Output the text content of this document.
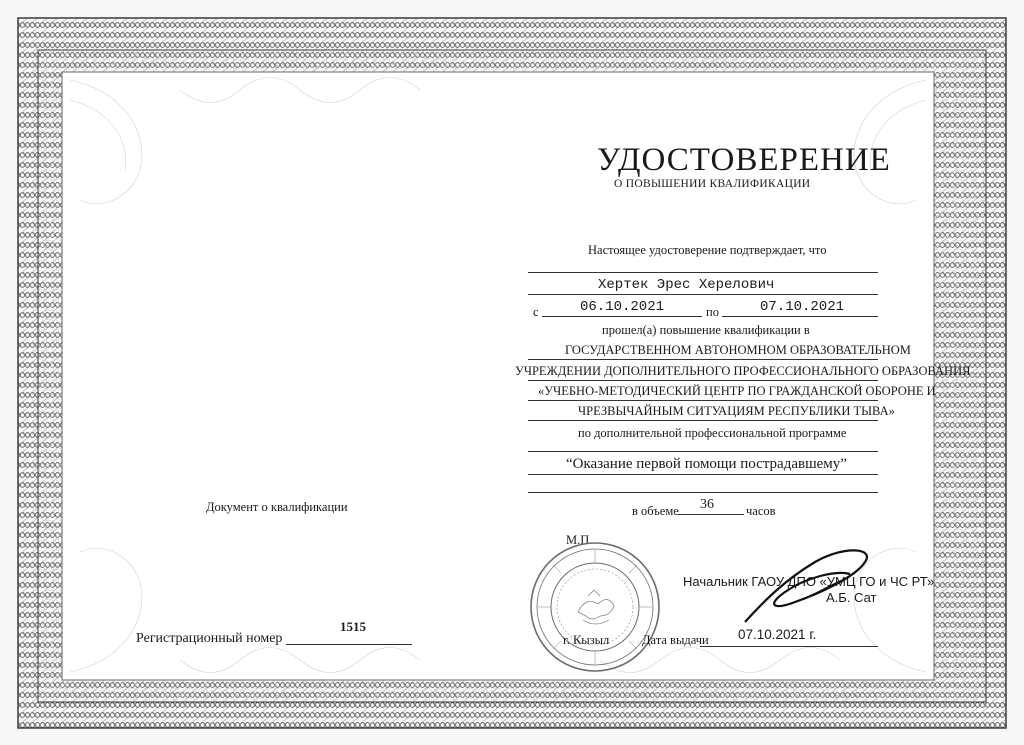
УДОСТОВЕРЕНИЕ
О ПОВЫШЕНИИ КВАЛИФИКАЦИИ
Настоящее удостоверение подтверждает, что
Хертек Эрес Херелович
с	06.10.2021	по	07.10.2021
прошел(а) повышение квалификации в
ГОСУДАРСТВЕННОМ АВТОНОМНОМ ОБРАЗОВАТЕЛЬНОМ
УЧРЕЖДЕНИИ ДОПОЛНИТЕЛЬНОГО ПРОФЕССИОНАЛЬНОГО ОБРАЗОВАНИЯ
«УЧЕБНО-МЕТОДИЧЕСКИЙ ЦЕНТР ПО ГРАЖДАНСКОЙ ОБОРОНЕ И
ЧРЕЗВЫЧАЙНЫМ СИТУАЦИЯМ РЕСПУБЛИКИ ТЫВА»
по дополнительной профессиональной программе
“Оказание первой помощи пострадавшему”
в объеме 36	часов
Документ о квалификации
Регистрационный номер
1515
М.П.
Начальник ГАОУ ДПО «УМЦ ГО и ЧС РТ»
А.Б. Сат
г. Кызыл	Дата выдачи 07.10.2021 г.
